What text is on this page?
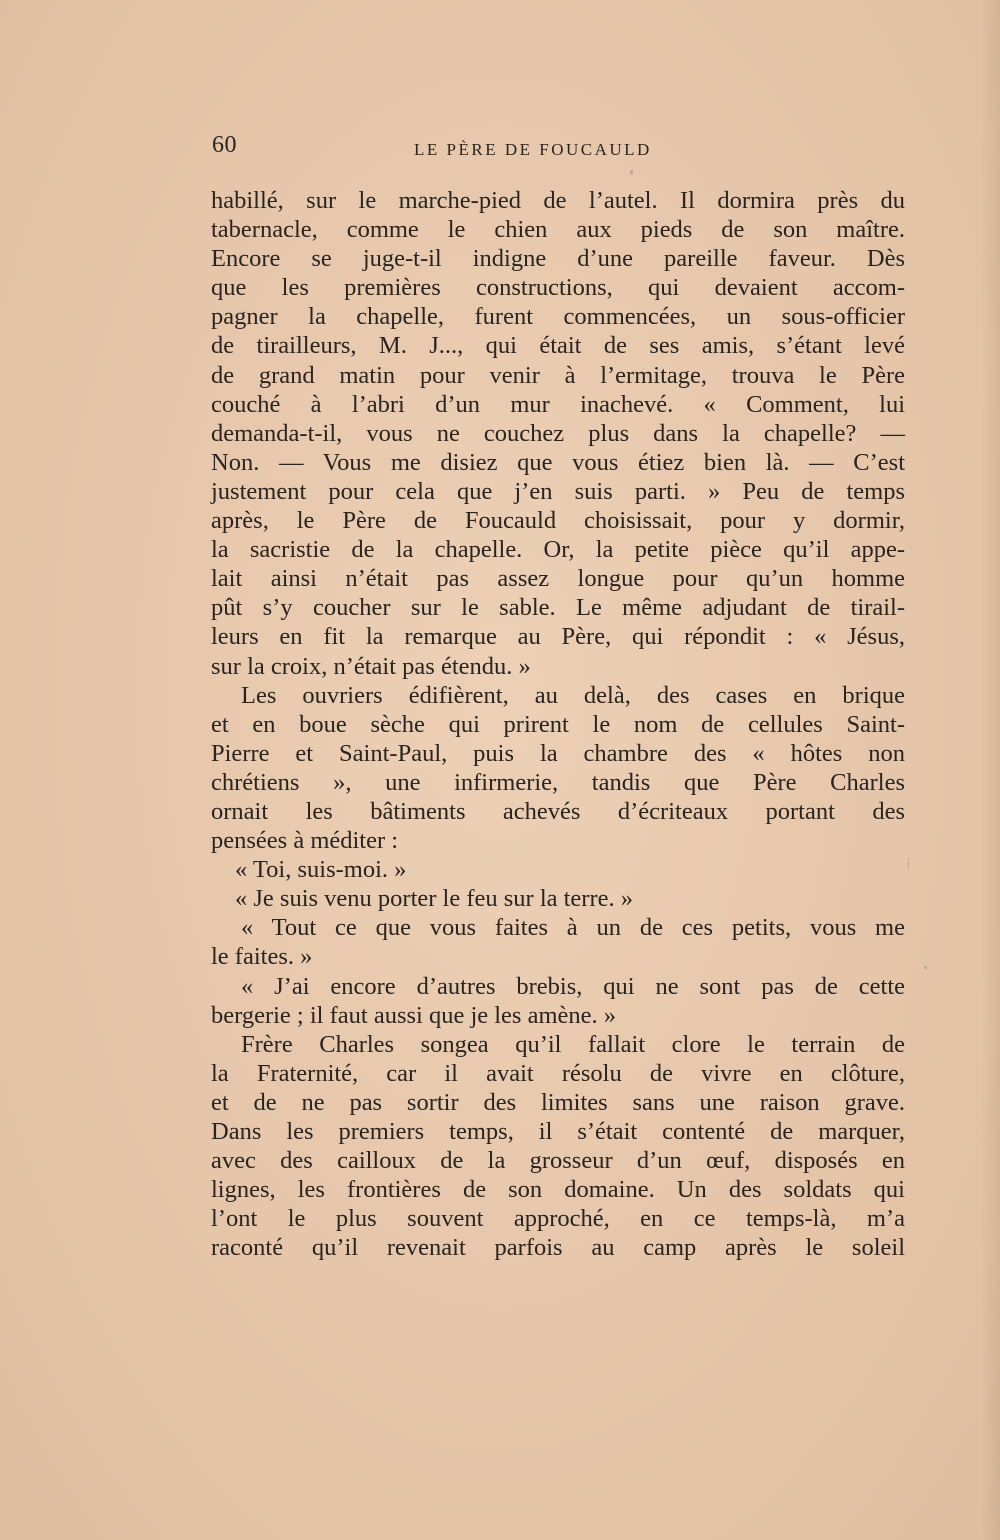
60	LE PÈRE DE FOUCAULD
habillé, sur le marche-pied de l’autel. Il dormira près du
tabernacle, comme le chien aux pieds de son maître.
Encore se juge-t-il indigne d’une pareille faveur. Dès
que les premières constructions, qui devaient accom-
pagner la chapelle, furent commencées, un sous-officier
de tirailleurs, M. J..., qui était de ses amis, s’étant levé
de grand matin pour venir à l’ermitage, trouva le Père
couché à l’abri d’un mur inachevé. « Comment, lui
demanda-t-il, vous ne couchez plus dans la chapelle? —
Non. — Vous me disiez que vous étiez bien là. — C’est
justement pour cela que j’en suis parti. » Peu de temps
après, le Père de Foucauld choisissait, pour y dormir,
la sacristie de la chapelle. Or, la petite pièce qu’il appe-
lait ainsi n’était pas assez longue pour qu’un homme
pût s’y coucher sur le sable. Le même adjudant de tirail-
leurs en fit la remarque au Père, qui répondit : « Jésus,
sur la croix, n’était pas étendu. »
Les ouvriers édifièrent, au delà, des cases en brique
et en boue sèche qui prirent le nom de cellules Saint-
Pierre et Saint-Paul, puis la chambre des « hôtes non
chrétiens », une infirmerie, tandis que Père Charles
ornait les bâtiments achevés d’écriteaux portant des
pensées à méditer :
« Toi, suis-moi. »
« Je suis venu porter le feu sur la terre. »
« Tout ce que vous faites à un de ces petits, vous me
le faites. »
« J’ai encore d’autres brebis, qui ne sont pas de cette
bergerie ; il faut aussi que je les amène. »
Frère Charles songea qu’il fallait clore le terrain de
la Fraternité, car il avait résolu de vivre en clôture,
et de ne pas sortir des limites sans une raison grave.
Dans les premiers temps, il s’était contenté de marquer,
avec des cailloux de la grosseur d’un œuf, disposés en
lignes, les frontières de son domaine. Un des soldats qui
l’ont le plus souvent approché, en ce temps-là, m’a
raconté qu’il revenait parfois au camp après le soleil
